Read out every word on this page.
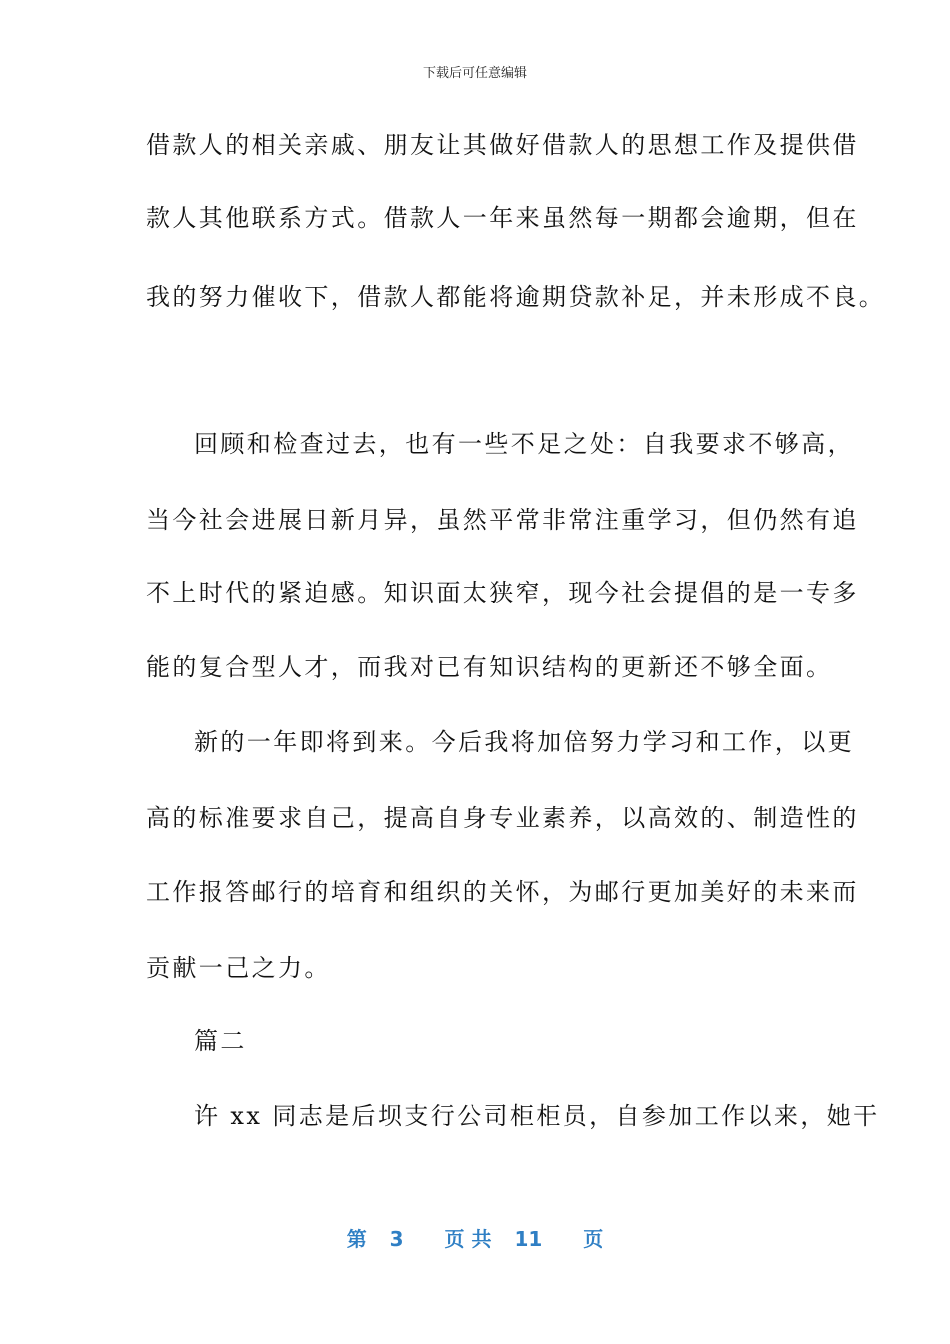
下载后可任意编辑
借款人的相关亲戚、朋友让其做好借款人的思想工作及提供借
款人其他联系方式。借款人一年来虽然每一期都会逾期，但在
我的努力催收下，借款人都能将逾期贷款补足，并未形成不良。
回顾和检查过去，也有一些不足之处：自我要求不够高，
当今社会进展日新月异，虽然平常非常注重学习，但仍然有追
不上时代的紧迫感。知识面太狭窄，现今社会提倡的是一专多
能的复合型人才，而我对已有知识结构的更新还不够全面。
新的一年即将到来。今后我将加倍努力学习和工作，以更
高的标准要求自己，提高自身专业素养，以高效的、制造性的
工作报答邮行的培育和组织的关怀，为邮行更加美好的未来而
贡献一己之力。
篇二
许 xx 同志是后坝支行公司柜柜员，自参加工作以来，她干
第 3 页 共 11 页
